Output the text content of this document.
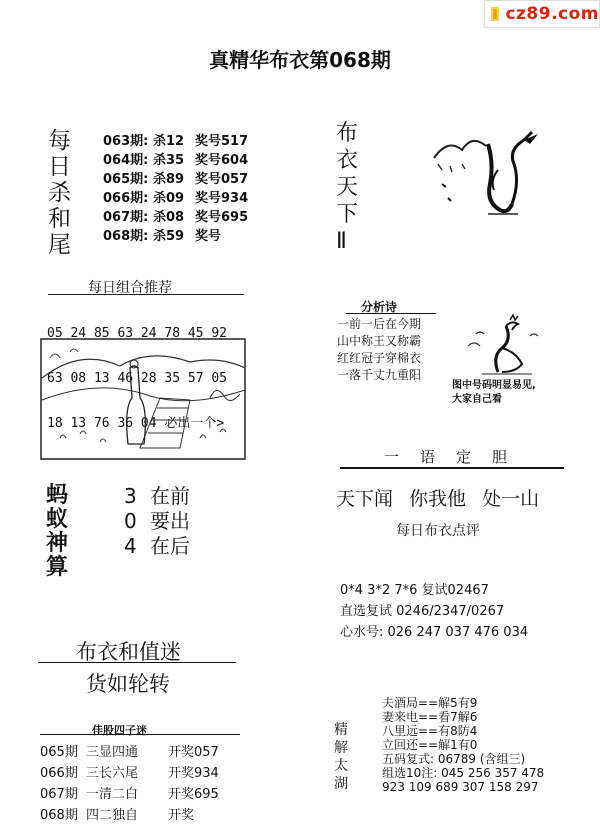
cz89.com
真精华布衣第068期
每
日
杀
和
尾
063期: 杀12 奖号517
064期: 杀35 奖号604
065期: 杀89 奖号057
066期: 杀09 奖号934
067期: 杀08 奖号695
068期: 杀59 奖号
每日组合推荐

05 24 85 63 24 78 45 92

63 08 13 46 28 35 57 05

18 13 76 36 04 必出一个>

蚂
蚁
神
算
3 在前
0 要出
4 在后
布衣和值迷
货如轮转
佳股四子迷
065期 三显四通 开奖057
066期 三长六尾 开奖934
067期 一清二白 开奖695
068期 四二独自 开奖
布
衣
天
下
Ⅱ
分析诗
一前一后在今期
山中称王又称霸
红红冠子穿棉衣
一落千丈九重阳
图中号码明显易见,
大家自己看
一语定胆
天下闻 你我他 处一山
每日布衣点评
0*4 3*2 7*6 复试02467
直选复试 0246/2347/0267
心水号: 026 247 037 476 034
精
解
太
湖
夫酒局==解5有9
妻来电==看7解6
八里远==有8防4
立回还==解1有0
五码复式: 06789 (含组三)
组选10注: 045 256 357 478
923 109 689 307 158 297
